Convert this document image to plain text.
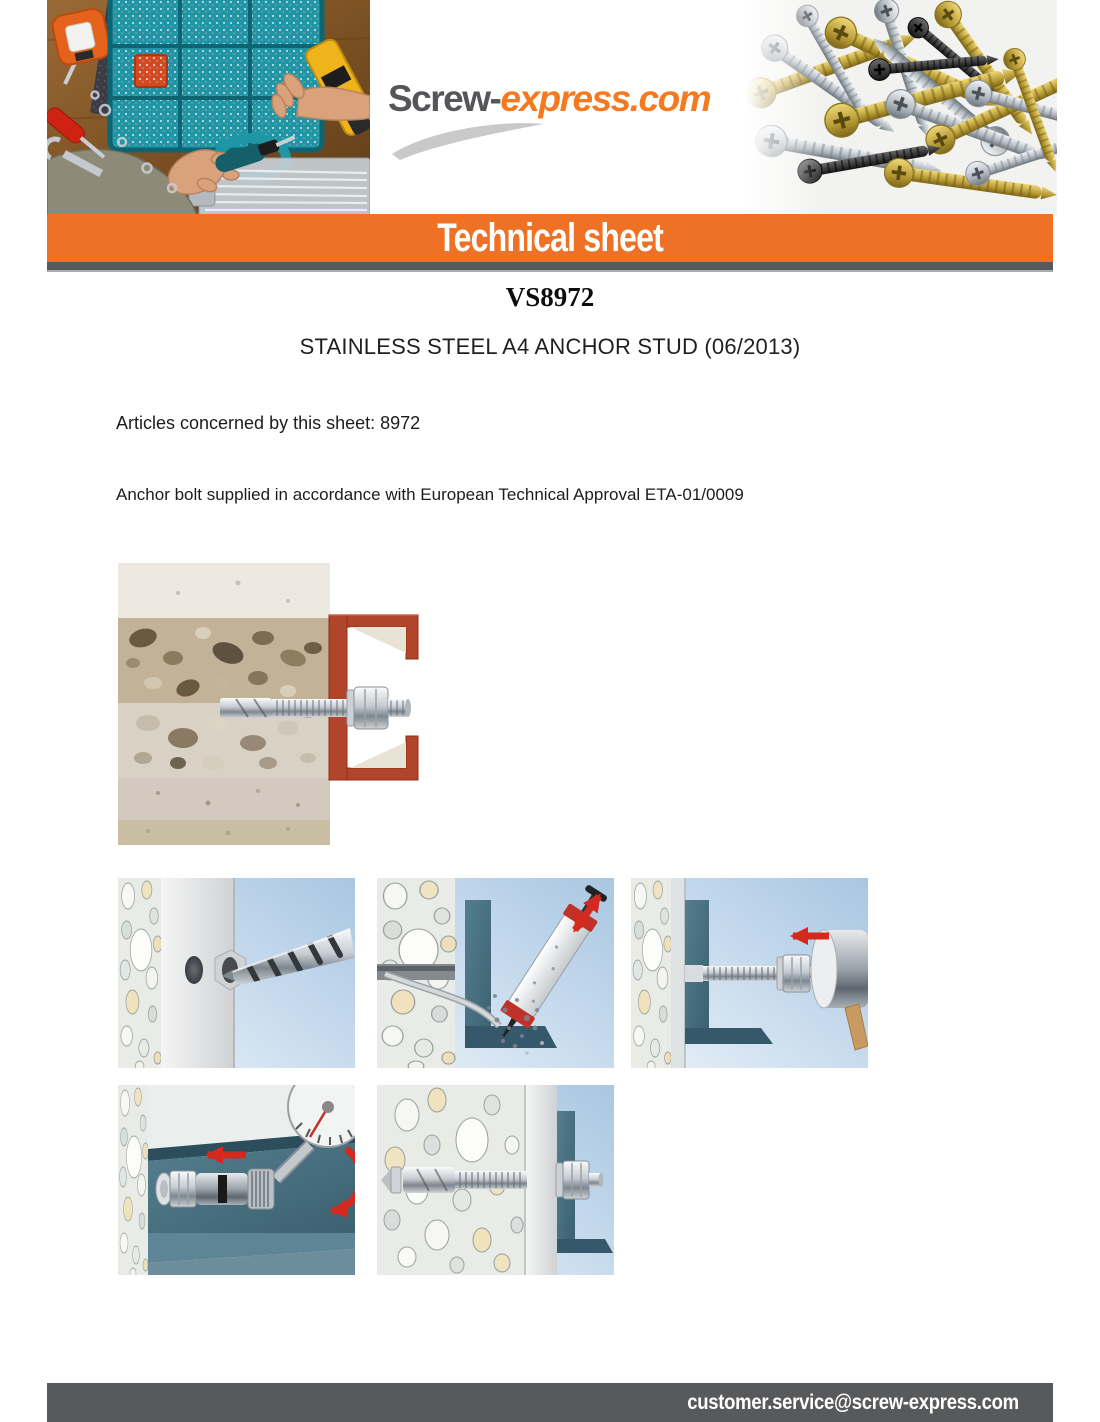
Screw-express.com
Technical sheet
VS8972
STAINLESS STEEL A4 ANCHOR STUD (06/2013)
Articles concerned by this sheet: 8972
Anchor bolt supplied in accordance with European Technical Approval ETA-01/0009
customer.service@screw-express.com
